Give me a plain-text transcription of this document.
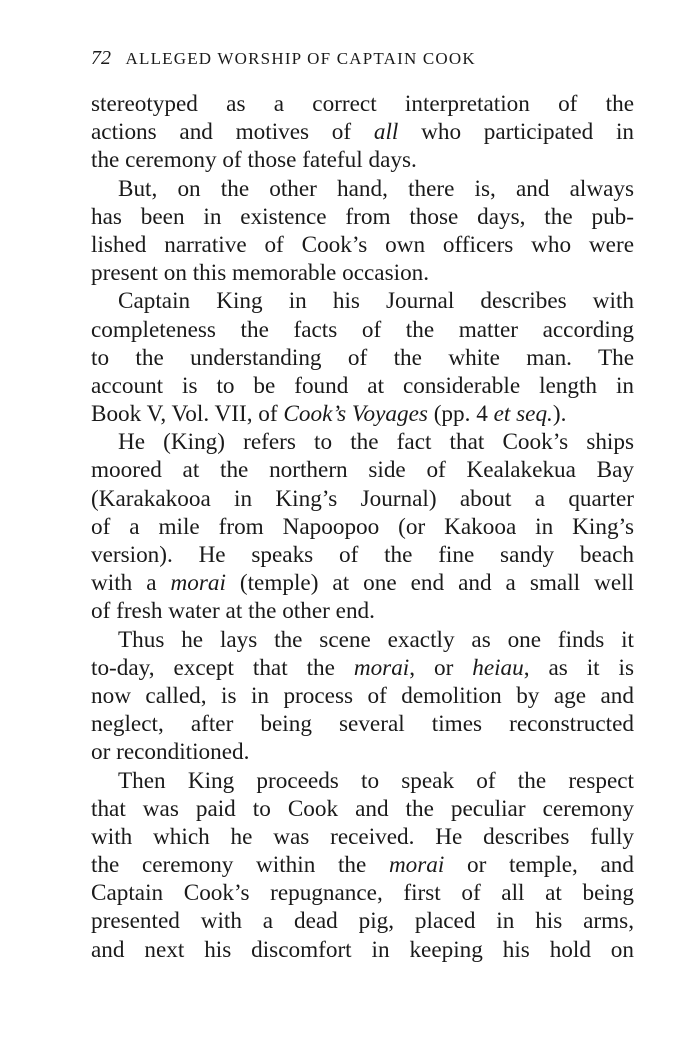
72 ALLEGED WORSHIP OF CAPTAIN COOK
stereotyped as a correct interpretation of the
actions and motives of all who participated in
the ceremony of those fateful days.
But, on the other hand, there is, and always
has been in existence from those days, the pub-
lished narrative of Cook’s own officers who were
present on this memorable occasion.
Captain King in his Journal describes with
completeness the facts of the matter according
to the understanding of the white man. The
account is to be found at considerable length in
Book V, Vol. VII, of Cook’s Voyages (pp. 4 et seq.).
He (King) refers to the fact that Cook’s ships
moored at the northern side of Kealakekua Bay
(Karakakooa in King’s Journal) about a quarter
of a mile from Napoopoo (or Kakooa in King’s
version). He speaks of the fine sandy beach
with a morai (temple) at one end and a small well
of fresh water at the other end.
Thus he lays the scene exactly as one finds it
to-day, except that the morai, or heiau, as it is
now called, is in process of demolition by age and
neglect, after being several times reconstructed
or reconditioned.
Then King proceeds to speak of the respect
that was paid to Cook and the peculiar ceremony
with which he was received. He describes fully
the ceremony within the morai or temple, and
Captain Cook’s repugnance, first of all at being
presented with a dead pig, placed in his arms,
and next his discomfort in keeping his hold on
